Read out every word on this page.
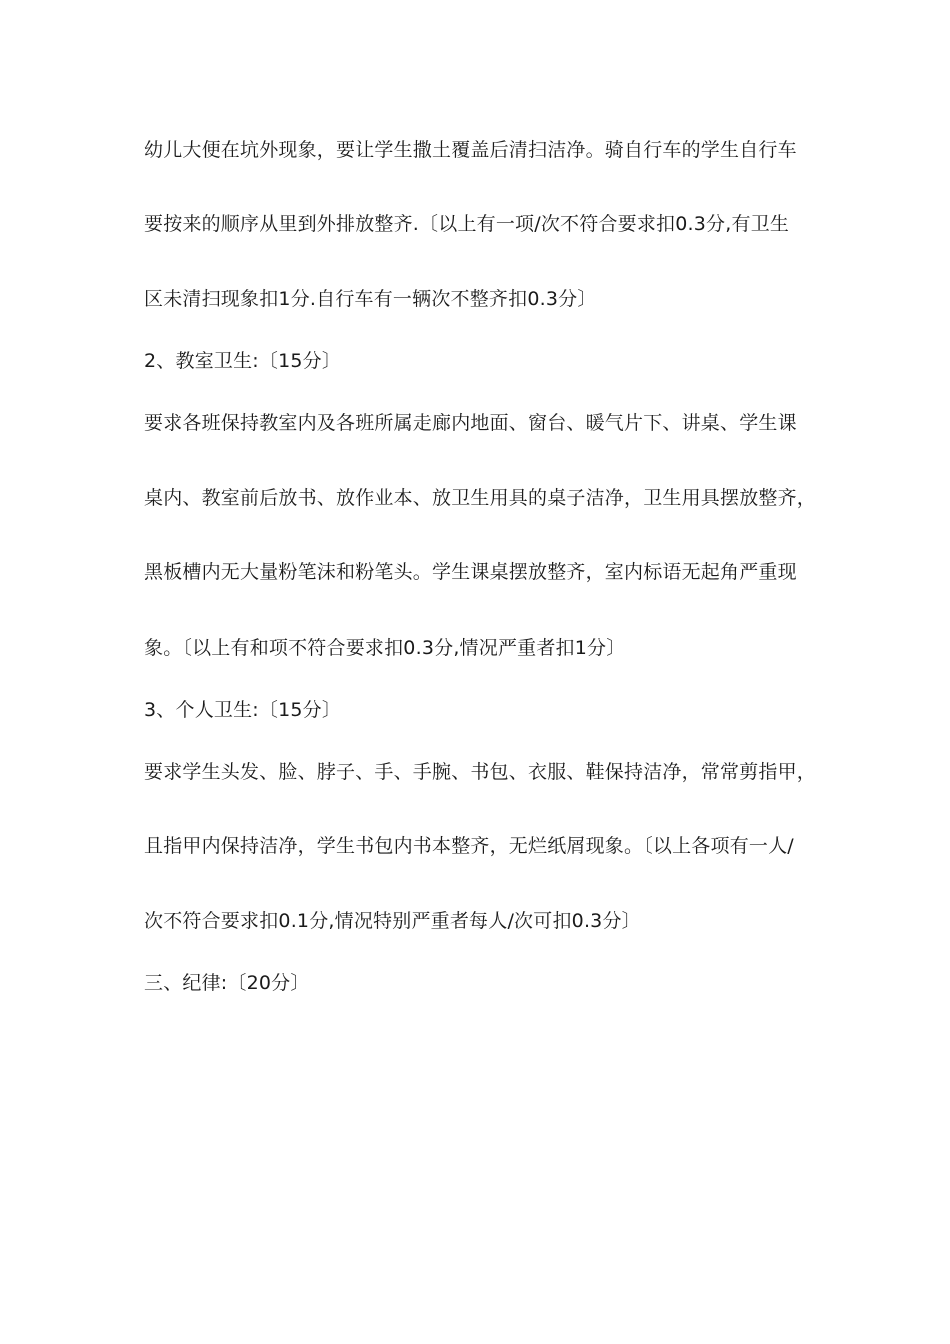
幼儿大便在坑外现象，要让学生撒土覆盖后清扫洁净。骑自行车的学生自行车
要按来的顺序从里到外排放整齐.〔以上有一项/次不符合要求扣0.3分,有卫生
区未清扫现象扣1分.自行车有一辆次不整齐扣0.3分〕
2、教室卫生:〔15分〕
要求各班保持教室内及各班所属走廊内地面、窗台、暖气片下、讲桌、学生课
桌内、教室前后放书、放作业本、放卫生用具的桌子洁净，卫生用具摆放整齐，
黑板槽内无大量粉笔沫和粉笔头。学生课桌摆放整齐，室内标语无起角严重现
象。〔以上有和项不符合要求扣0.3分,情况严重者扣1分〕
3、个人卫生:〔15分〕
要求学生头发、脸、脖子、手、手腕、书包、衣服、鞋保持洁净，常常剪指甲，
且指甲内保持洁净，学生书包内书本整齐，无烂纸屑现象。〔以上各项有一人/
次不符合要求扣0.1分,情况特别严重者每人/次可扣0.3分〕
三、纪律:〔20分〕
